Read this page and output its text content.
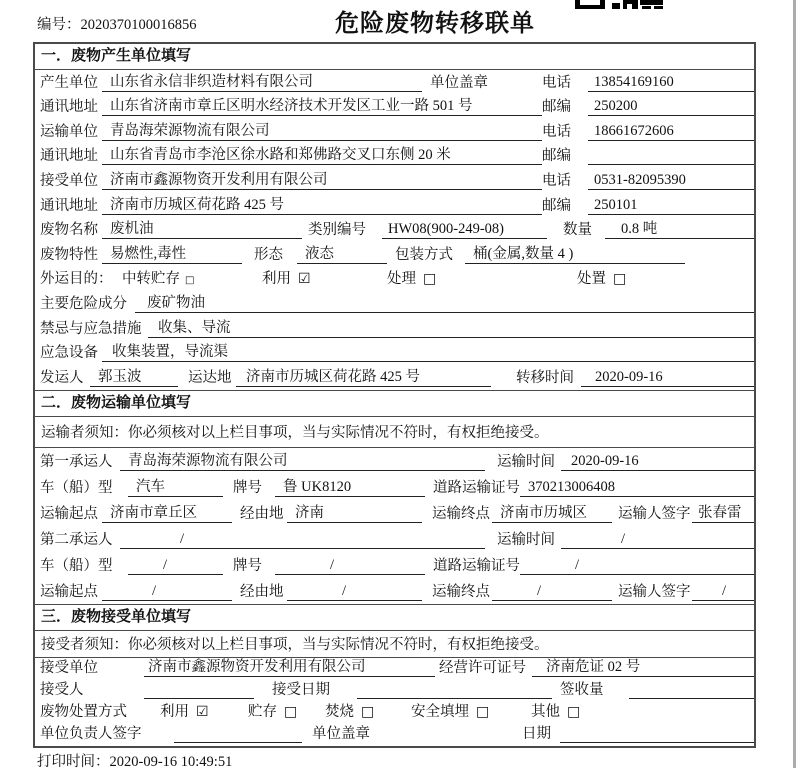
编号：2020370100016856	危险废物转移联单
一．废物产生单位填写
产生单位 山东省永信非织造材料有限公司	单位盖章	电话	13854169160
通讯地址 山东省济南市章丘区明水经济技术开发区工业一路 501 号	邮编	250200
运输单位 青岛海荣源物流有限公司	电话	18661672606
通讯地址 山东省青岛市李沧区徐水路和郑佛路交叉口东侧 20 米	邮编
接受单位 济南市鑫源物资开发利用有限公司	电话	0531-82095390
通讯地址 济南市历城区荷花路 425 号	邮编	250101
废物名称 废机油	类别编号	HW08(900-249-08)	数量	0.8 吨
废物特性 易燃性,毒性	形态	液态	包装方式	桶(金属,数量 4 )
外运目的： 中转贮存 □	利用 ☑	处理 □	处置 □
主要危险成分	废矿物油
禁忌与应急措施	收集、导流
应急设备 收集装置，导流渠
发运人	郭玉波	运达地	济南市历城区荷花路 425 号	转移时间	2020-09-16
二．废物运输单位填写
运输者须知：你必须核对以上栏目事项，当与实际情况不符时，有权拒绝接受。
第一承运人	青岛海荣源物流有限公司	运输时间	2020-09-16
车（船）型	汽车	牌号	鲁 UK8120	道路运输证号 370213006408
运输起点 济南市章丘区	经由地 济南	运输终点 济南市历城区	运输人签字 张春雷
第二承运人	/	运输时间	/
车（船）型	/	牌号	/	道路运输证号	/
运输起点	/	经由地	/	运输终点	/	运输人签字	/
三．废物接受单位填写
接受者须知：你必须核对以上栏目事项，当与实际情况不符时，有权拒绝接受。
接受单位	济南市鑫源物资开发利用有限公司	经营许可证号	济南危证 02 号
接受人	接受日期	签收量
废物处置方式	利用 ☑	贮存 □ 焚烧 □	安全填埋 □	其他 □
单位负责人签字	单位盖章	日期
打印时间：2020-09-16 10:49:51
